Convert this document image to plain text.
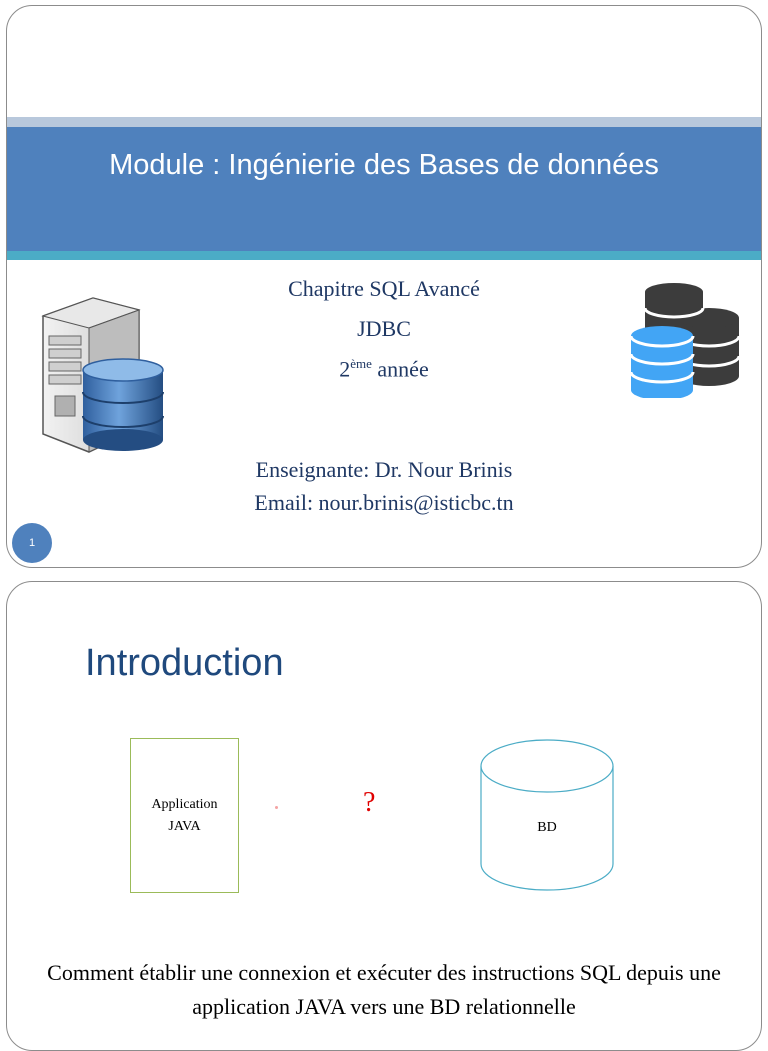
Module : Ingénierie des Bases de données
Chapitre SQL Avancé
JDBC
2ème année
Enseignante: Dr. Nour Brinis
Email: nour.brinis@isticbc.tn
1
Introduction
Application
JAVA
?
BD
Comment établir une connexion et exécuter des instructions SQL depuis une application JAVA vers une BD relationnelle
